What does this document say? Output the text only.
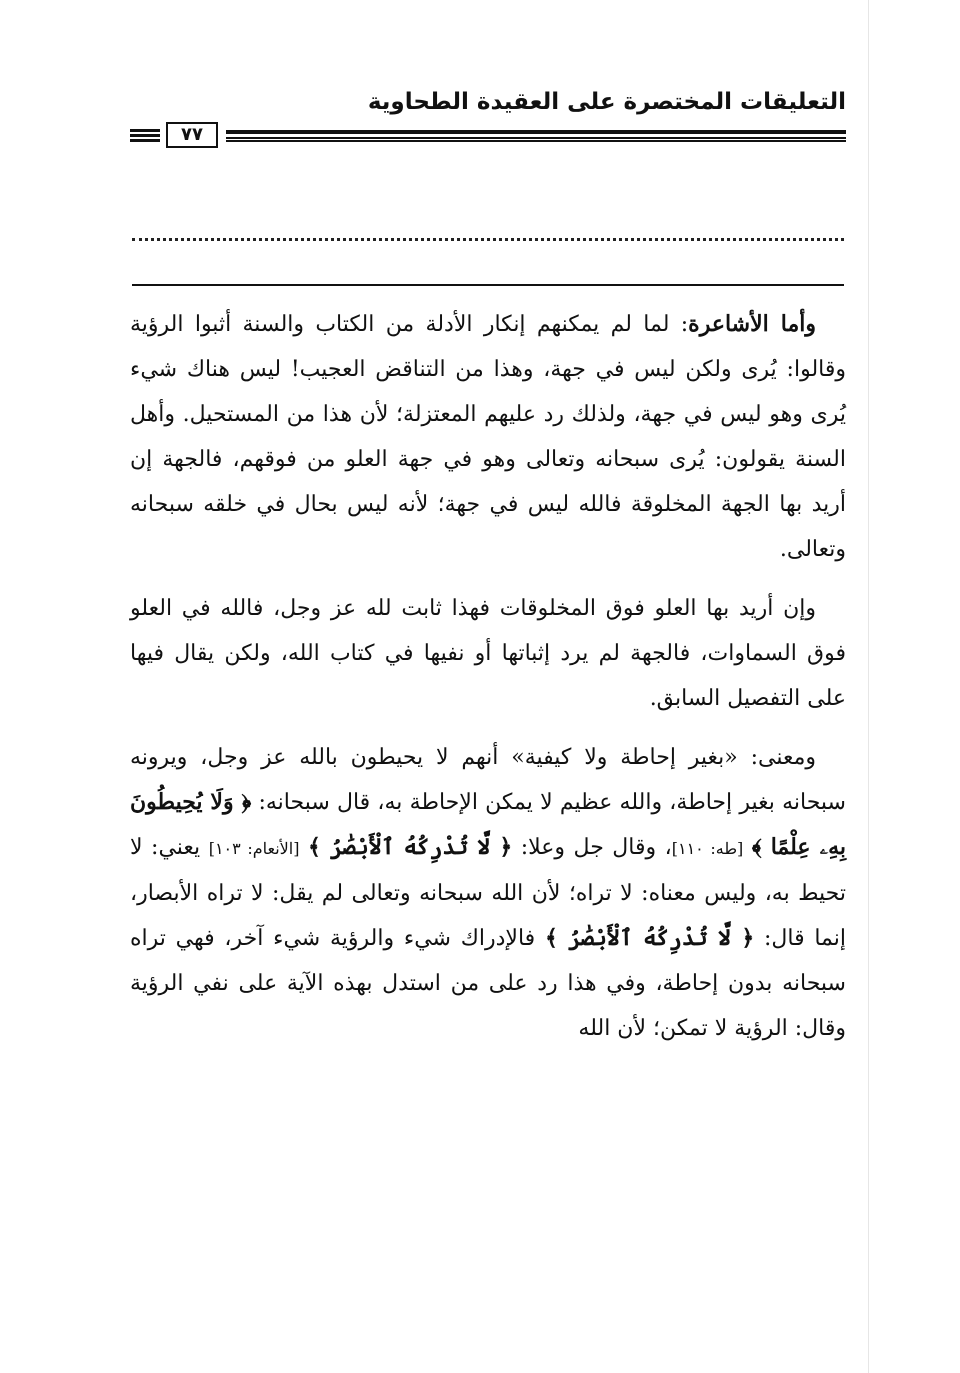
التعليقات المختصرة على العقيدة الطحاوية
٧٧

وأما الأشاعرة: لما لم يمكنهم إنكار الأدلة من الكتاب والسنة أثبوا الرؤية وقالوا: يُرى ولكن ليس في جهة، وهذا من التناقض العجيب! ليس هناك شيء يُرى وهو ليس في جهة، ولذلك رد عليهم المعتزلة؛ لأن هذا من المستحيل. وأهل السنة يقولون: يُرى سبحانه وتعالى وهو في جهة العلو من فوقهم، فالجهة إن أريد بها الجهة المخلوقة فالله ليس في جهة؛ لأنه ليس بحال في خلقه سبحانه وتعالى.

وإن أريد بها العلو فوق المخلوقات فهذا ثابت لله عز وجل، فالله في العلو فوق السماوات، فالجهة لم يرد إثباتها أو نفيها في كتاب الله، ولكن يقال فيها على التفصيل السابق.

ومعنى: «بغير إحاطة ولا كيفية» أنهم لا يحيطون بالله عز وجل، ويرونه سبحانه بغير إحاطة، والله عظيم لا يمكن الإحاطة به، قال سبحانه: ﴿ وَلَا يُحِيطُونَ بِهِۦ عِلْمًا ﴾ [طه: ١١٠]، وقال جل وعلا: ﴿ لَّا تُدْرِكُهُ ٱلْأَبْصَٰرُ ﴾ [الأنعام: ١٠٣] يعني: لا تحيط به، وليس معناه: لا تراه؛ لأن الله سبحانه وتعالى لم يقل: لا تراه الأبصار، إنما قال: ﴿ لَّا تُدْرِكُهُ ٱلْأَبْصَٰرُ ﴾ فالإدراك شيء والرؤية شيء آخر، فهي تراه سبحانه بدون إحاطة، وفي هذا رد على من استدل بهذه الآية على نفي الرؤية وقال: الرؤية لا تمكن؛ لأن الله
